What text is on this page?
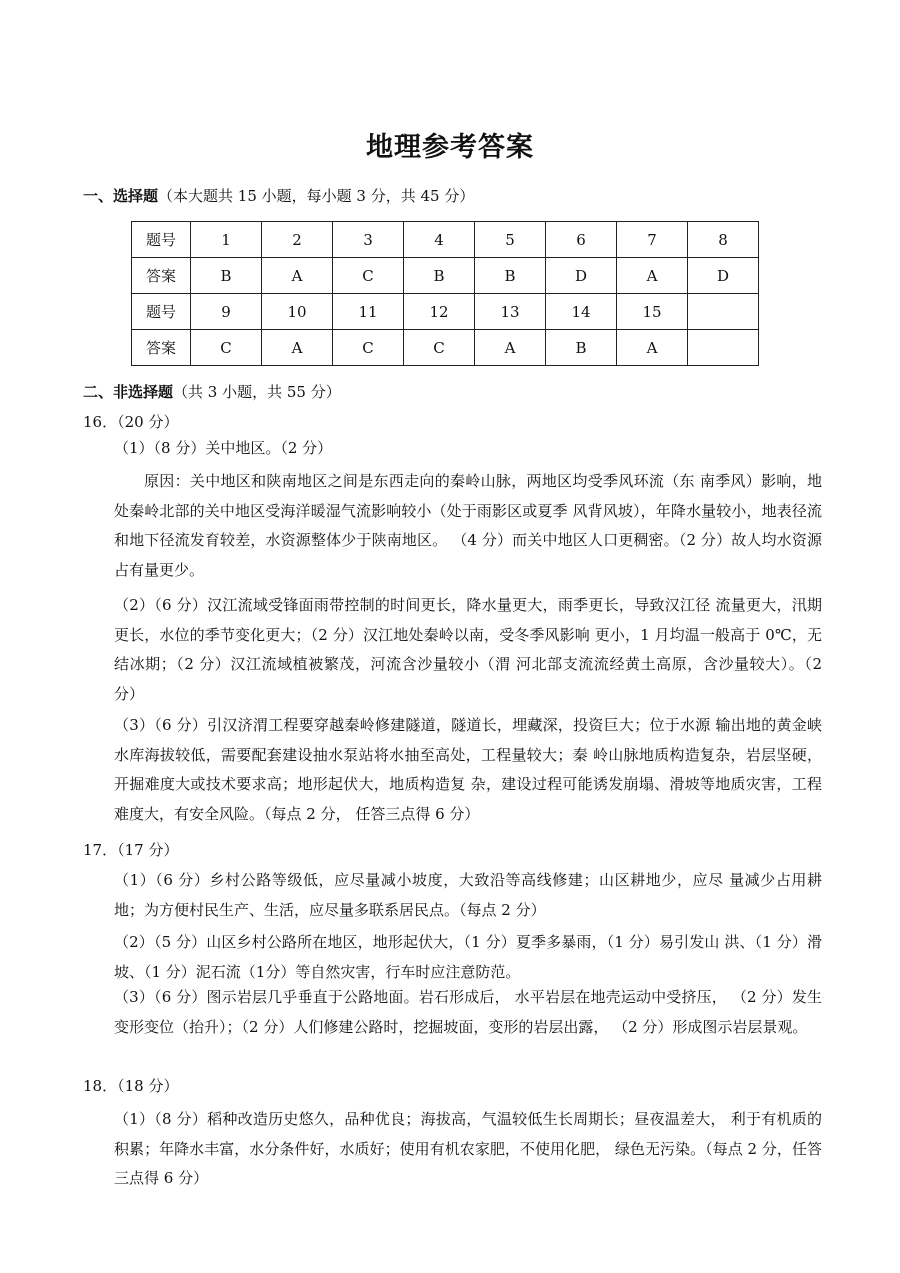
地理参考答案
一、选择题（本大题共 15 小题，每小题 3 分，共 45 分）
题号	1	2	3	4	5	6	7	8
答案	B	A	C	B	B	D	A	D
题号	9	10	11	12	13	14	15	
答案	C	A	C	C	A	B	A	
二、非选择题（共 3 小题，共 55 分）
16．（20 分）
（1）（8 分）关中地区。（2 分）
原因：关中地区和陕南地区之间是东西走向的秦岭山脉，两地区均受季风环流（东 南季风）影响，地处秦岭北部的关中地区受海洋暖湿气流影响较小（处于雨影区或夏季 风背风坡），年降水量较小，地表径流和地下径流发育较差，水资源整体少于陕南地区。 （4 分）而关中地区人口更稠密。（2 分）故人均水资源占有量更少。
（2）（6 分）汉江流域受锋面雨带控制的时间更长，降水量更大，雨季更长，导致汉江径 流量更大，汛期更长，水位的季节变化更大；（2 分）汉江地处秦岭以南，受冬季风影响 更小，1 月均温一般高于 0℃，无结冰期；（2 分）汉江流域植被繁茂，河流含沙量较小（渭 河北部支流流经黄土高原，含沙量较大）。（2 分）
（3）（6 分）引汉济渭工程要穿越秦岭修建隧道，隧道长，埋藏深，投资巨大；位于水源 输出地的黄金峡水库海拔较低，需要配套建设抽水泵站将水抽至高处，工程量较大；秦 岭山脉地质构造复杂，岩层坚硬，开掘难度大或技术要求高；地形起伏大，地质构造复 杂，建设过程可能诱发崩塌、滑坡等地质灾害，工程难度大，有安全风险。（每点 2 分， 任答三点得 6 分）
17．（17 分）
（1）（6 分）乡村公路等级低，应尽量减小坡度，大致沿等高线修建；山区耕地少，应尽 量减少占用耕地；为方便村民生产、生活，应尽量多联系居民点。（每点 2 分）
（2）（5 分）山区乡村公路所在地区，地形起伏大，（1 分）夏季多暴雨，（1 分）易引发山 洪、（1 分）滑坡、（1 分）泥石流（1分）等自然灾害，行车时应注意防范。
（3）（6 分）图示岩层几乎垂直于公路地面。岩石形成后， 水平岩层在地壳运动中受挤压， （2 分）发生变形变位（抬升）；（2 分）人们修建公路时，挖掘坡面，变形的岩层出露， （2 分）形成图示岩层景观。
18．（18 分）
（1）（8 分）稻种改造历史悠久，品种优良；海拔高，气温较低生长周期长；昼夜温差大， 利于有机质的积累；年降水丰富，水分条件好，水质好；使用有机农家肥，不使用化肥， 绿色无污染。（每点 2 分，任答三点得 6 分）
